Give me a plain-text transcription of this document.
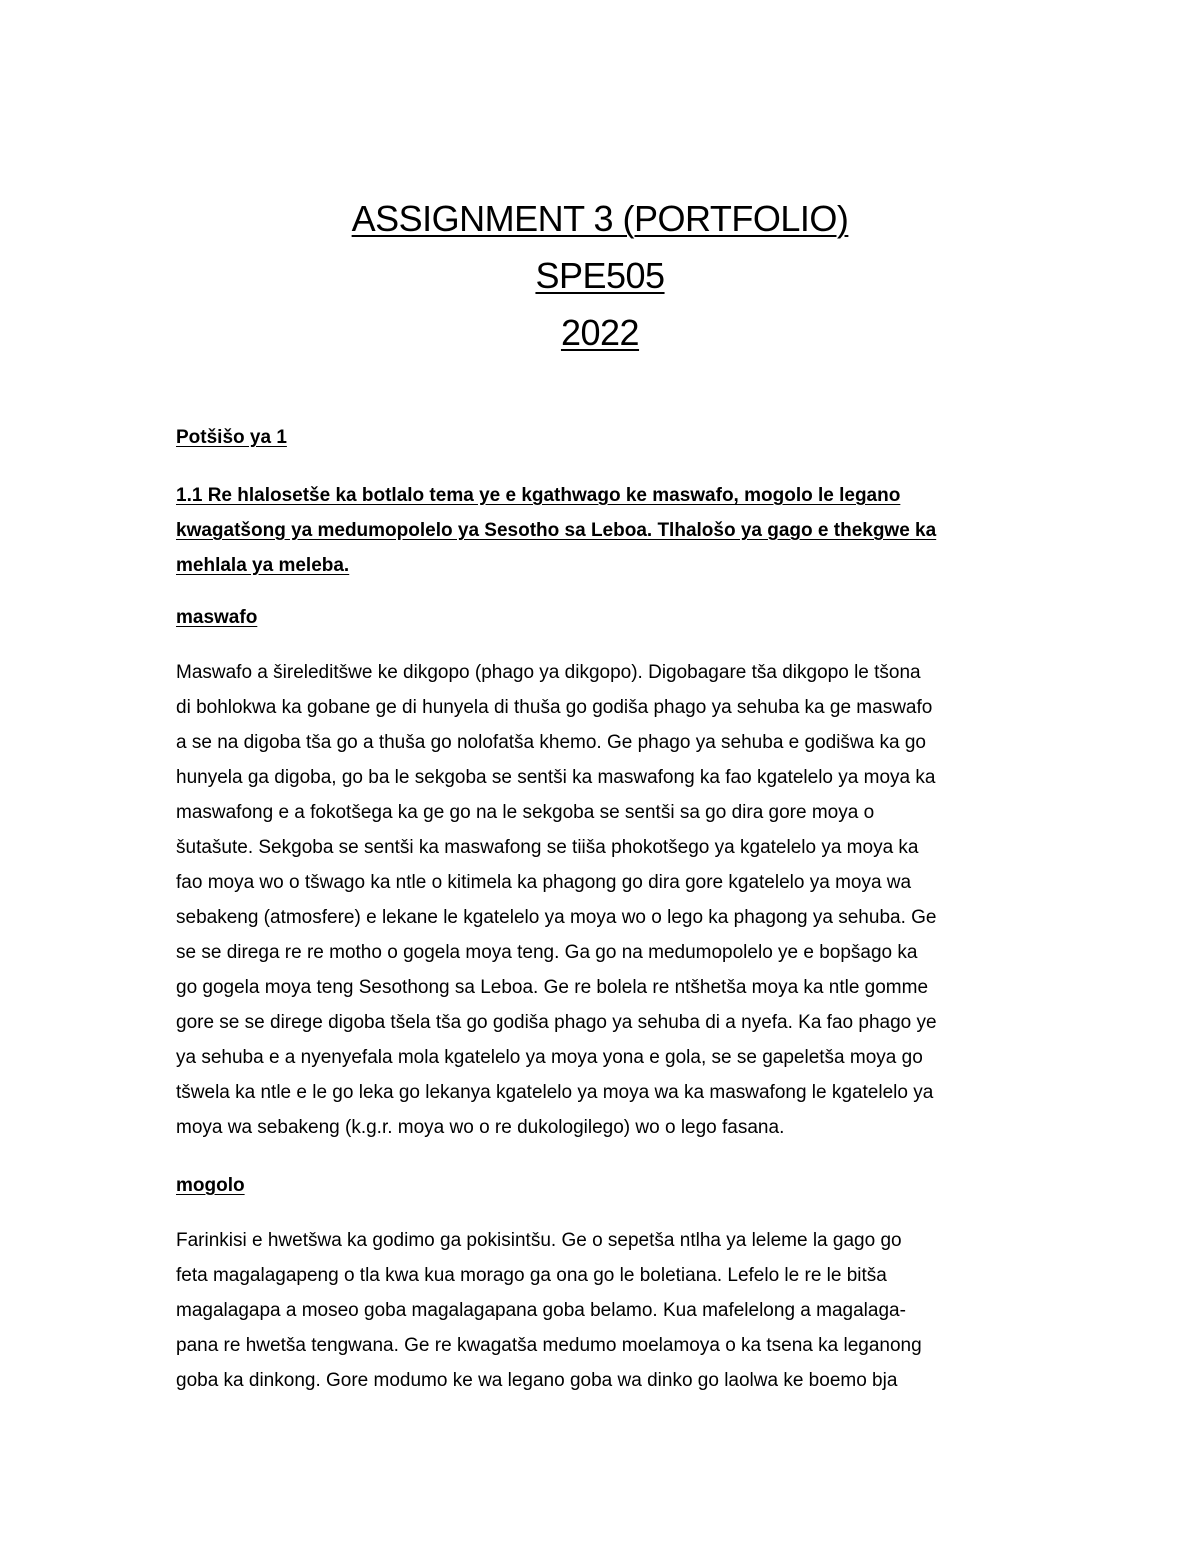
ASSIGNMENT 3 (PORTFOLIO)
SPE505
2022

Potšišo ya 1

1.1 Re hlalosetše ka botlalo tema ye e kgathwago ke maswafo, mogolo le legano
kwagatšong ya medumopolelo ya Sesotho sa Leboa. Tlhalošo ya gago e thekgwe ka
mehlala ya meleba.

maswafo

Maswafo a šireleditšwe ke dikgopo (phago ya dikgopo). Digobagare tša dikgopo le tšona
di bohlokwa ka gobane ge di hunyela di thuša go godiša phago ya sehuba ka ge maswafo
a se na digoba tša go a thuša go nolofatša khemo. Ge phago ya sehuba e godišwa ka go
hunyela ga digoba, go ba le sekgoba se sentši ka maswafong ka fao kgatelelo ya moya ka
maswafong e a fokotšega ka ge go na le sekgoba se sentši sa go dira gore moya o
šutašute. Sekgoba se sentši ka maswafong se tiiša phokotšego ya kgatelelo ya moya ka
fao moya wo o tšwago ka ntle o kitimela ka phagong go dira gore kgatelelo ya moya wa
sebakeng (atmosfere) e lekane le kgatelelo ya moya wo o lego ka phagong ya sehuba. Ge
se se direga re re motho o gogela moya teng. Ga go na medumopolelo ye e bopšago ka
go gogela moya teng Sesothong sa Leboa. Ge re bolela re ntšhetša moya ka ntle gomme
gore se se direge digoba tšela tša go godiša phago ya sehuba di a nyefa. Ka fao phago ye
ya sehuba e a nyenyefala mola kgatelelo ya moya yona e gola, se se gapeletša moya go
tšwela ka ntle e le go leka go lekanya kgatelelo ya moya wa ka maswafong le kgatelelo ya
moya wa sebakeng (k.g.r. moya wo o re dukologilego) wo o lego fasana.

mogolo

Farinkisi e hwetšwa ka godimo ga pokisintšu. Ge o sepetša ntlha ya leleme la gago go
feta magalagapeng o tla kwa kua morago ga ona go le boletiana. Lefelo le re le bitša
magalagapa a moseo goba magalagapana goba belamo. Kua mafelelong a magalaga-
pana re hwetša tengwana. Ge re kwagatša medumo moelamoya o ka tsena ka leganong
goba ka dinkong. Gore modumo ke wa legano goba wa dinko go laolwa ke boemo bja
